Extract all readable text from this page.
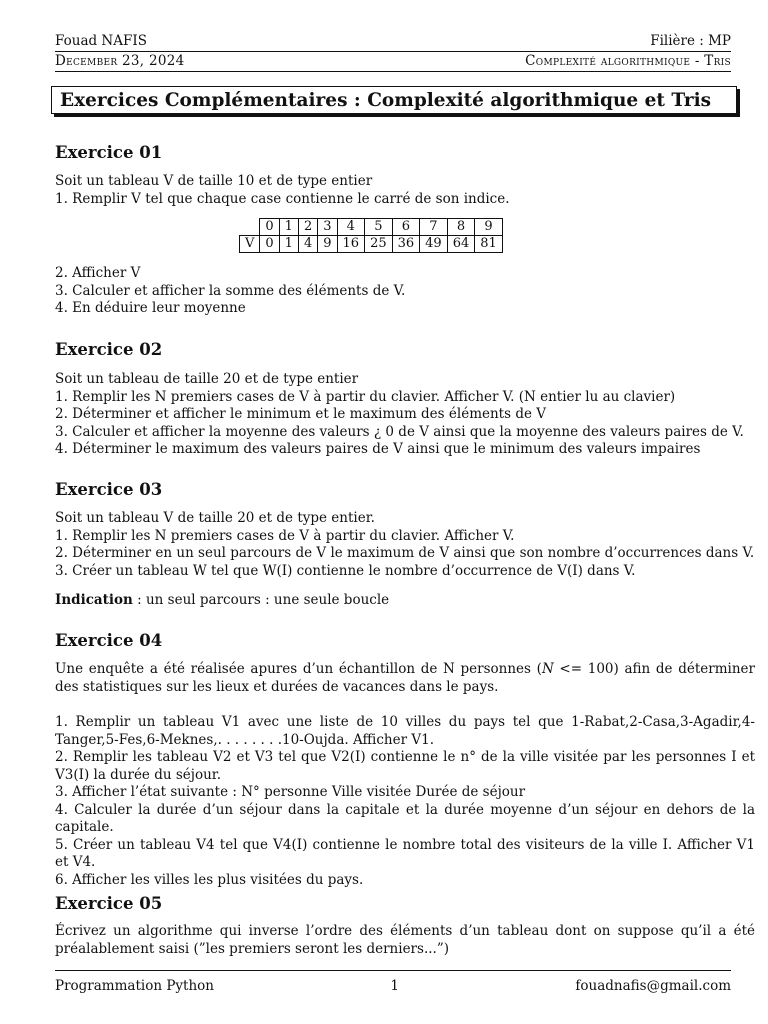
Fouad NAFIS	Filière : MP
December 23, 2024	Complexité algorithmique - Tris
Exercices Complémentaires : Complexité algorithmique et Tris
Exercice 01
Soit un tableau V de taille 10 et de type entier
1. Remplir V tel que chaque case contienne le carré de son indice.
	0	1	2	3	4	5	6	7	8	9
V	0	1	4	9	16	25	36	49	64	81
2. Afficher V
3. Calculer et afficher la somme des éléments de V.
4. En déduire leur moyenne
Exercice 02
Soit un tableau de taille 20 et de type entier
1. Remplir les N premiers cases de V à partir du clavier. Afficher V. (N entier lu au clavier)
2. Déterminer et afficher le minimum et le maximum des éléments de V
3. Calculer et afficher la moyenne des valeurs ¿ 0 de V ainsi que la moyenne des valeurs paires de V.
4. Déterminer le maximum des valeurs paires de V ainsi que le minimum des valeurs impaires
Exercice 03
Soit un tableau V de taille 20 et de type entier.
1. Remplir les N premiers cases de V à partir du clavier. Afficher V.
2. Déterminer en un seul parcours de V le maximum de V ainsi que son nombre d’occurrences dans V.
3. Créer un tableau W tel que W(I) contienne le nombre d’occurrence de V(I) dans V.
Indication : un seul parcours : une seule boucle
Exercice 04
Une enquête a été réalisée apures d’un échantillon de N personnes (N <= 100) afin de déterminer des statistiques sur les lieux et durées de vacances dans le pays.
1. Remplir un tableau V1 avec une liste de 10 villes du pays tel que 1-Rabat,2-Casa,3-Agadir,4-Tanger,5-Fes,6-Meknes,. . . . . . . .10-Oujda. Afficher V1.
2. Remplir les tableau V2 et V3 tel que V2(I) contienne le n° de la ville visitée par les personnes I et V3(I) la durée du séjour.
3. Afficher l’état suivante : N° personne Ville visitée Durée de séjour
4. Calculer la durée d’un séjour dans la capitale et la durée moyenne d’un séjour en dehors de la capitale.
5. Créer un tableau V4 tel que V4(I) contienne le nombre total des visiteurs de la ville I. Afficher V1 et V4.
6. Afficher les villes les plus visitées du pays.
Exercice 05
Écrivez un algorithme qui inverse l’ordre des éléments d’un tableau dont on suppose qu’il a été préalablement saisi (”les premiers seront les derniers...”)
Programmation Python	1	fouadnafis@gmail.com
